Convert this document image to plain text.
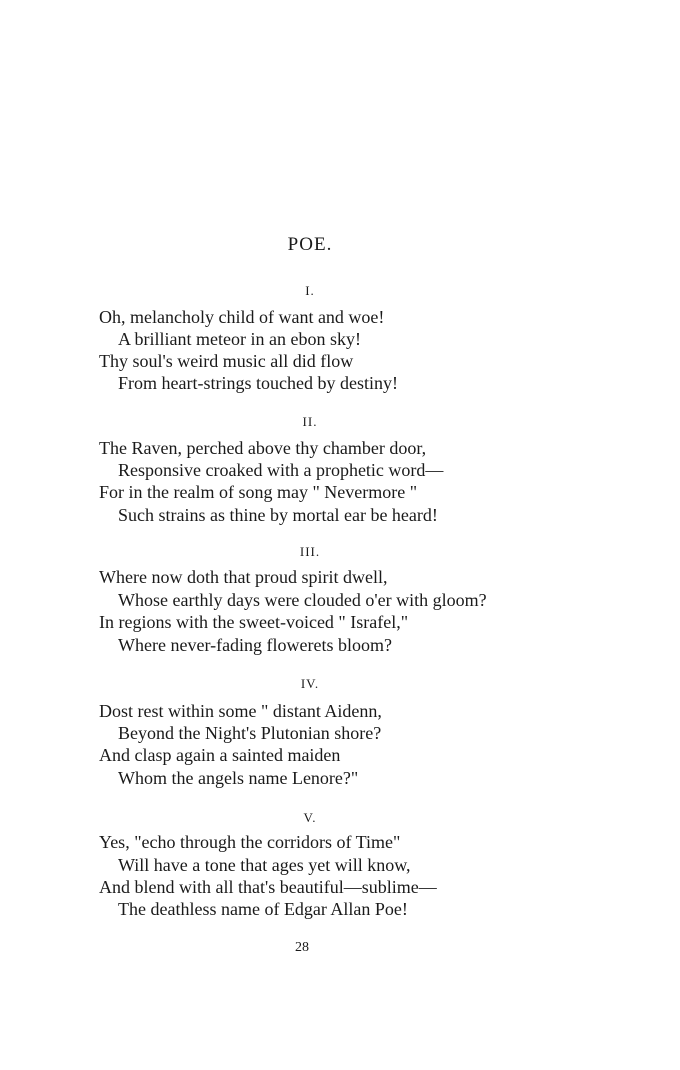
POE.
I.
Oh, melancholy child of want and woe!
A brilliant meteor in an ebon sky!
Thy soul's weird music all did flow
From heart-strings touched by destiny!
II.
The Raven, perched above thy chamber door,
Responsive croaked with a prophetic word—
For in the realm of song may " Nevermore "
Such strains as thine by mortal ear be heard!
III.
Where now doth that proud spirit dwell,
Whose earthly days were clouded o'er with gloom?
In regions with the sweet-voiced " Israfel,"
Where never-fading flowerets bloom?
IV.
Dost rest within some " distant Aidenn,
Beyond the Night's Plutonian shore?
And clasp again a sainted maiden
Whom the angels name Lenore?"
V.
Yes, "echo through the corridors of Time"
Will have a tone that ages yet will know,
And blend with all that's beautiful—sublime—
The deathless name of Edgar Allan Poe!
28
